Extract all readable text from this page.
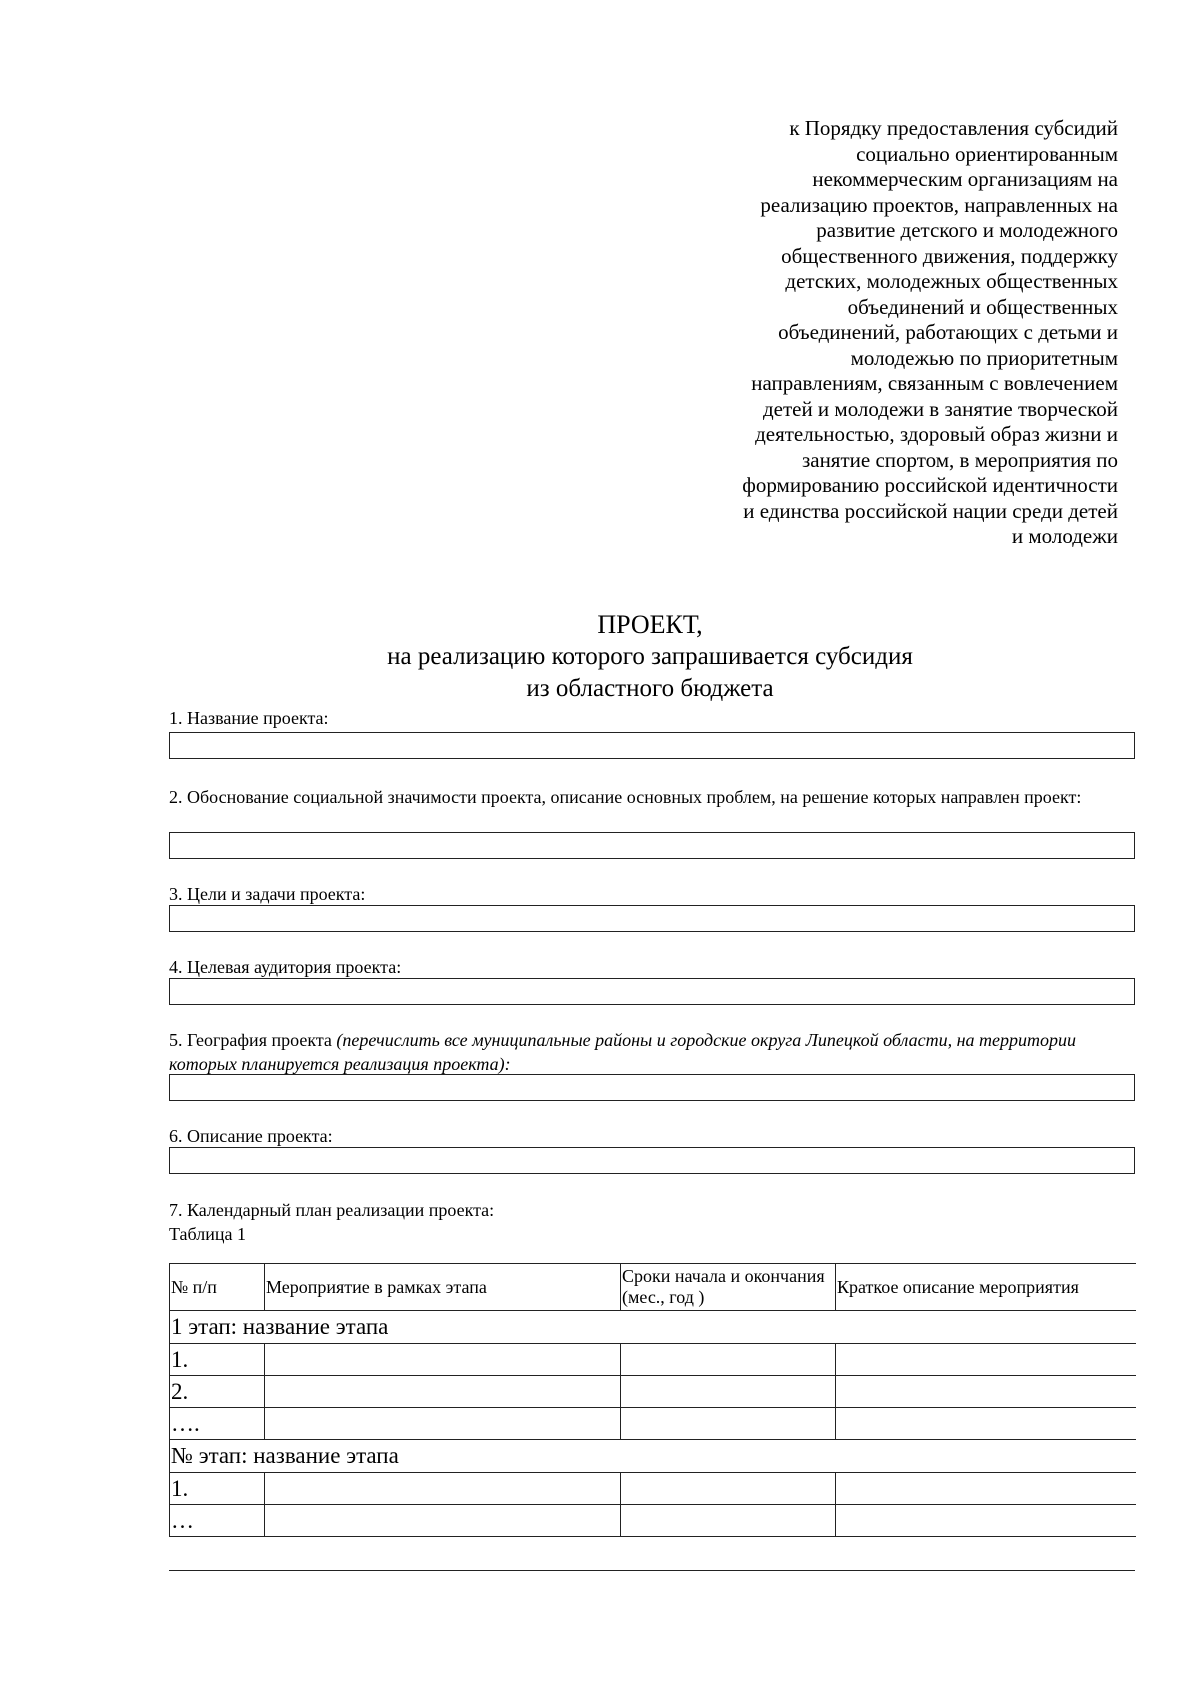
к Порядку предоставления субсидий
социально ориентированным
некоммерческим организациям на
реализацию проектов, направленных на
развитие детского и молодежного
общественного движения, поддержку
детских, молодежных общественных
объединений и общественных
объединений, работающих с детьми и
молодежью по приоритетным
направлениям, связанным с вовлечением
детей и молодежи в занятие творческой
деятельностью, здоровый образ жизни и
занятие спортом, в мероприятия по
формированию российской идентичности
и единства российской нации среди детей
и молодежи
ПРОЕКТ,
на реализацию которого запрашивается субсидия
из областного бюджета
1. Название проекта:
2. Обоснование социальной значимости проекта, описание основных проблем, на решение которых направлен проект:
3. Цели и задачи проекта:
4. Целевая аудитория проекта:
5. География проекта (перечислить все муниципальные районы и городские округа Липецкой области, на территории которых планируется реализация проекта):
6. Описание проекта:
7. Календарный план реализации проекта:
Таблица 1
№ п/п	Мероприятие в рамках этапа	Сроки начала и окончания (мес., год )	Краткое описание мероприятия
1 этап: название этапа			
1.			
2.			
….			
№ этап: название этапа			
1.			
…			
